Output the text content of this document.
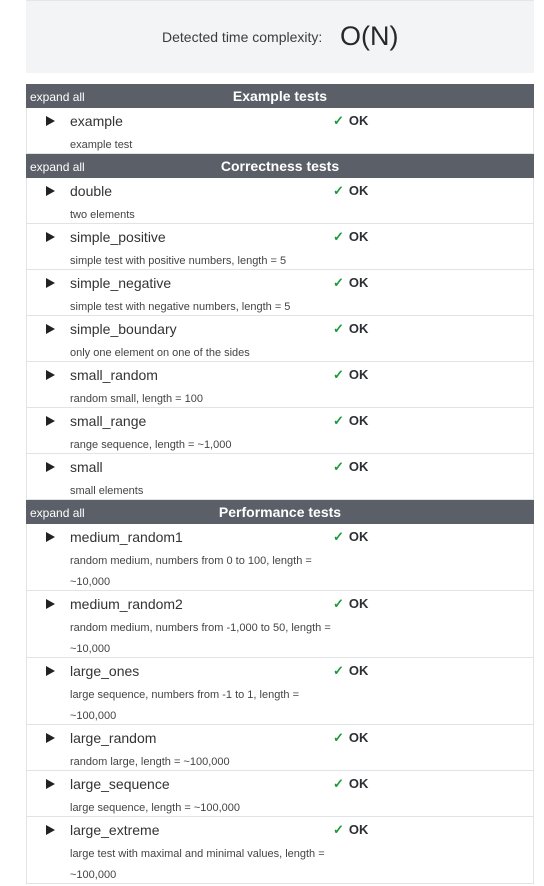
Detected time complexity: O(N)
expand all	Example tests
example
example test
✓ OK
expand all	Correctness tests
double
two elements
✓ OK
simple_positive
simple test with positive numbers, length = 5
✓ OK
simple_negative
simple test with negative numbers, length = 5
✓ OK
simple_boundary
only one element on one of the sides
✓ OK
small_random
random small, length = 100
✓ OK
small_range
range sequence, length = ~1,000
✓ OK
small
small elements
✓ OK
expand all	Performance tests
medium_random1
random medium, numbers from 0 to 100, length = ~10,000
✓ OK
medium_random2
random medium, numbers from -1,000 to 50, length = ~10,000
✓ OK
large_ones
large sequence, numbers from -1 to 1, length = ~100,000
✓ OK
large_random
random large, length = ~100,000
✓ OK
large_sequence
large sequence, length = ~100,000
✓ OK
large_extreme
large test with maximal and minimal values, length = ~100,000
✓ OK
